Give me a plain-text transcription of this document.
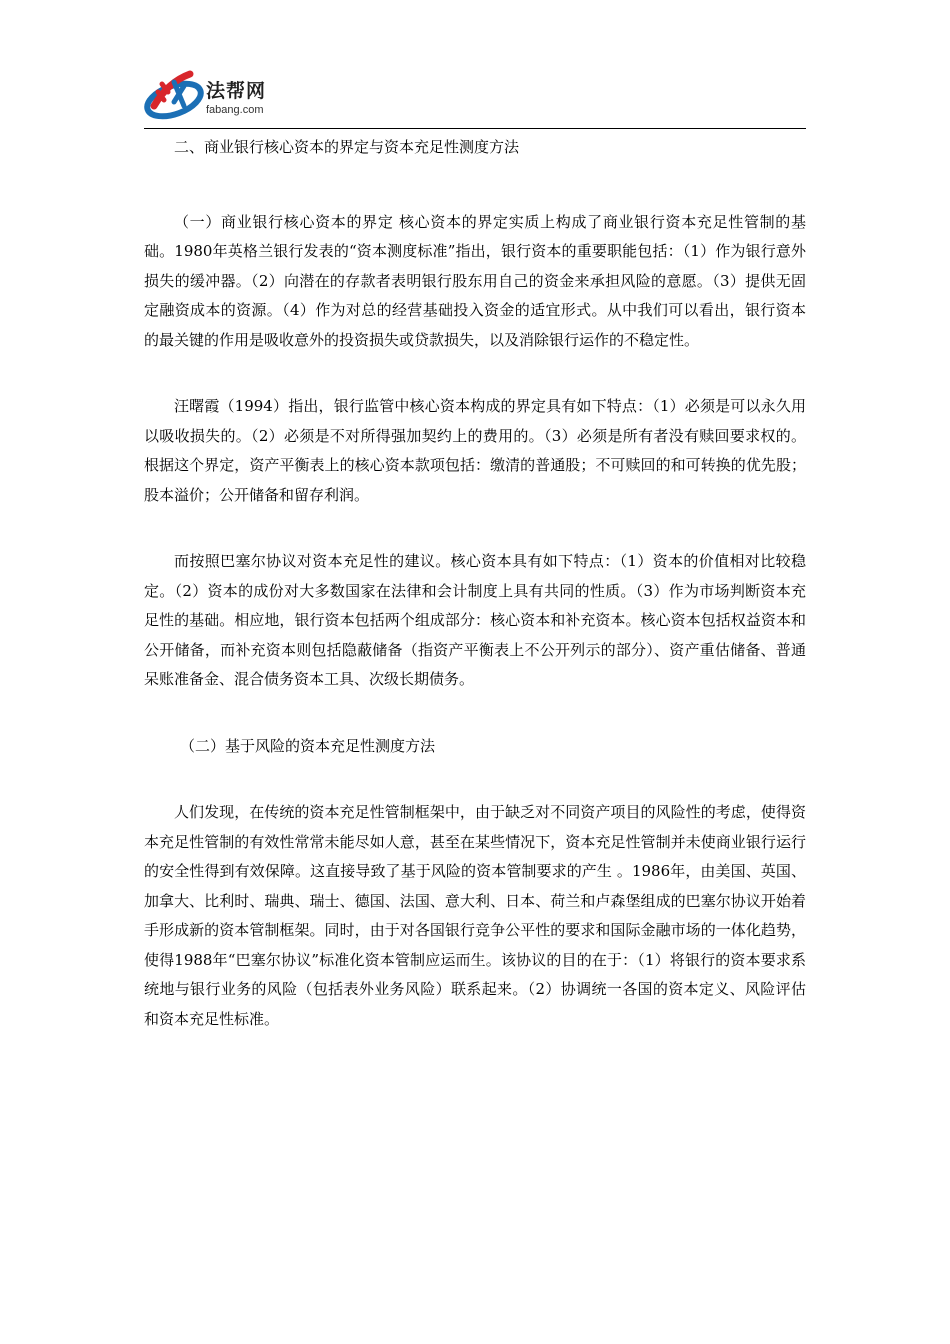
法帮网
fabang.com

二、商业银行核心资本的界定与资本充足性测度方法

（一）商业银行核心资本的界定 核心资本的界定实质上构成了商业银行资本充足性管制的基础。1980年英格兰银行发表的“资本测度标准”指出，银行资本的重要职能包括：（1）作为银行意外损失的缓冲器。（2）向潜在的存款者表明银行股东用自己的资金来承担风险的意愿。（3）提供无固定融资成本的资源。（4）作为对总的经营基础投入资金的适宜形式。从中我们可以看出，银行资本的最关键的作用是吸收意外的投资损失或贷款损失，以及消除银行运作的不稳定性。

汪曙霞（1994）指出，银行监管中核心资本构成的界定具有如下特点：（1）必须是可以永久用以吸收损失的。（2）必须是不对所得强加契约上的费用的。（3）必须是所有者没有赎回要求权的。根据这个界定，资产平衡表上的核心资本款项包括：缴清的普通股；不可赎回的和可转换的优先股；股本溢价；公开储备和留存利润。

而按照巴塞尔协议对资本充足性的建议。核心资本具有如下特点：（1）资本的价值相对比较稳定。（2）资本的成份对大多数国家在法律和会计制度上具有共同的性质。（3）作为市场判断资本充足性的基础。相应地，银行资本包括两个组成部分：核心资本和补充资本。核心资本包括权益资本和公开储备，而补充资本则包括隐蔽储备（指资产平衡表上不公开列示的部分）、资产重估储备、普通呆账准备金、混合债务资本工具、次级长期债务。

（二）基于风险的资本充足性测度方法

人们发现，在传统的资本充足性管制框架中，由于缺乏对不同资产项目的风险性的考虑，使得资本充足性管制的有效性常常未能尽如人意，甚至在某些情况下，资本充足性管制并未使商业银行运行的安全性得到有效保障。这直接导致了基于风险的资本管制要求的产生 。1986年，由美国、英国、加拿大、比利时、瑞典、瑞士、德国、法国、意大利、日本、荷兰和卢森堡组成的巴塞尔协议开始着手形成新的资本管制框架。同时，由于对各国银行竞争公平性的要求和国际金融市场的一体化趋势，使得1988年“巴塞尔协议”标准化资本管制应运而生。该协议的目的在于：（1）将银行的资本要求系统地与银行业务的风险（包括表外业务风险）联系起来。（2）协调统一各国的资本定义、风险评估和资本充足性标准。
